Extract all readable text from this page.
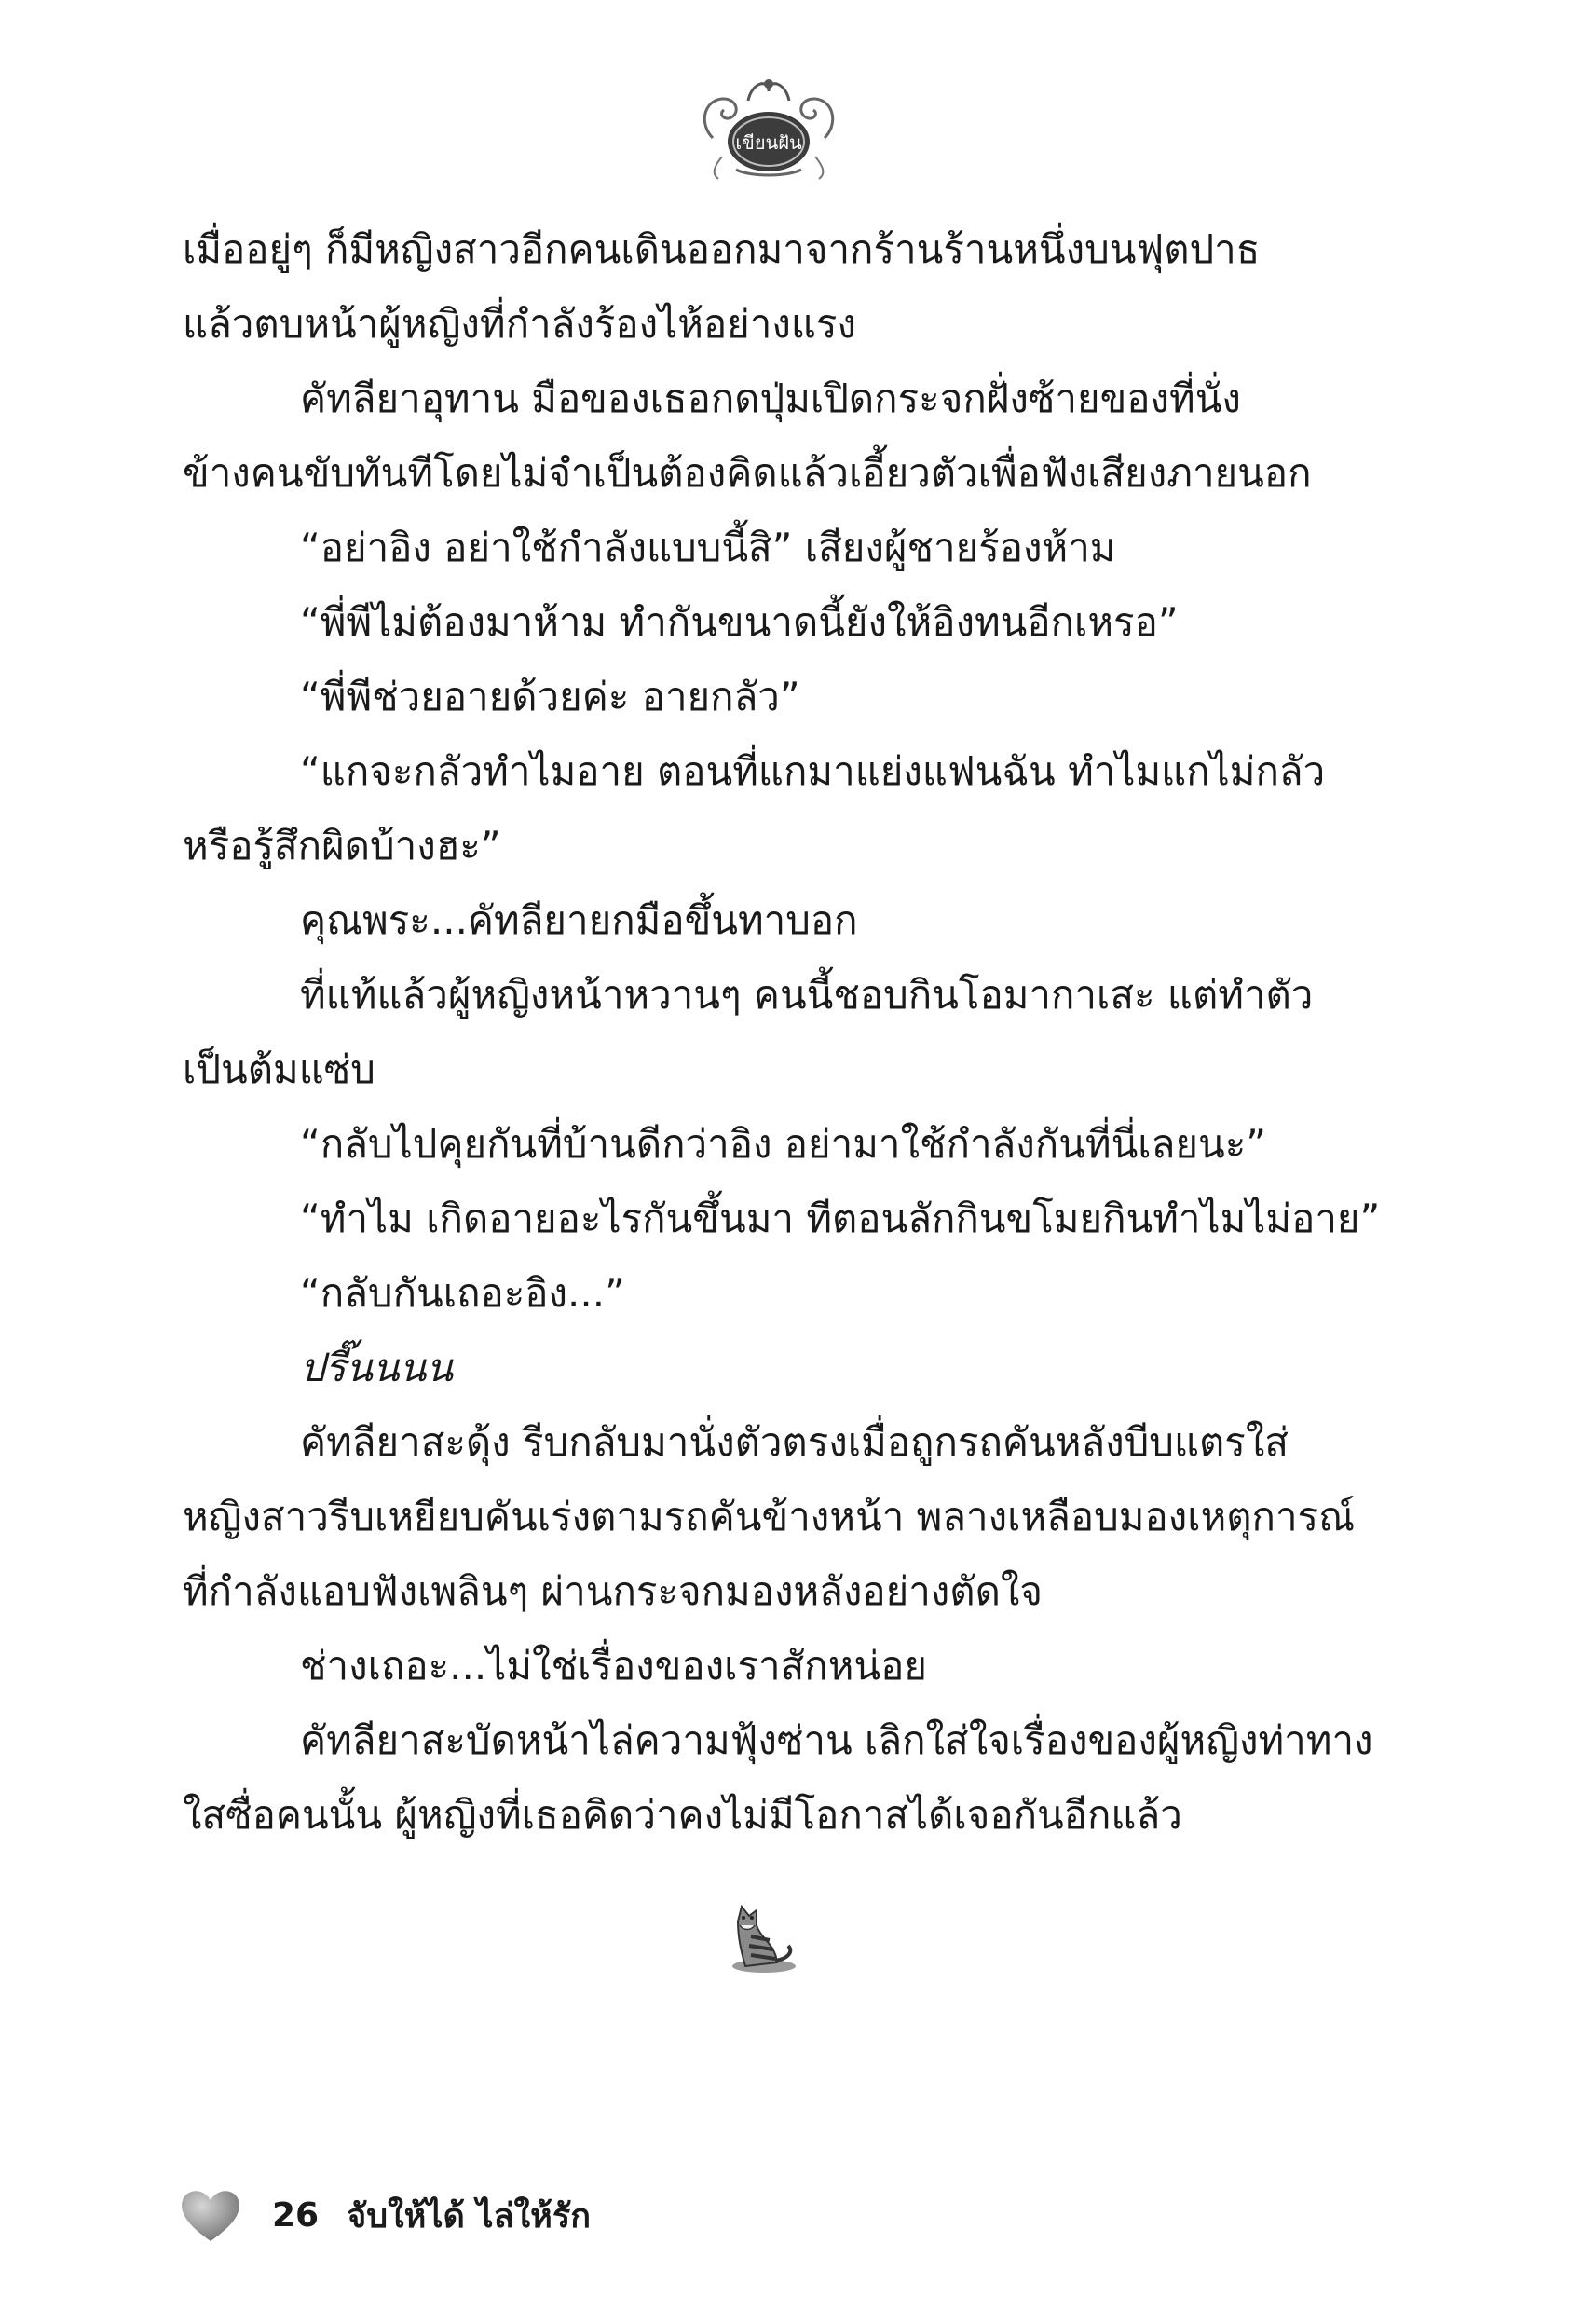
เขียนฝัน
เมื่ออยู่ๆ ก็มีหญิงสาวอีกคนเดินออกมาจากร้านร้านหนึ่งบนฟุตปาธ
แล้วตบหน้าผู้หญิงที่กำลังร้องไห้อย่างแรง
คัทลียาอุทาน มือของเธอกดปุ่มเปิดกระจกฝั่งซ้ายของที่นั่ง
ข้างคนขับทันทีโดยไม่จำเป็นต้องคิดแล้วเอี้ยวตัวเพื่อฟังเสียงภายนอก
“อย่าอิง อย่าใช้กำลังแบบนี้สิ” เสียงผู้ชายร้องห้าม
“พี่พีไม่ต้องมาห้าม ทำกันขนาดนี้ยังให้อิงทนอีกเหรอ”
“พี่พีช่วยอายด้วยค่ะ อายกลัว”
“แกจะกลัวทำไมอาย ตอนที่แกมาแย่งแฟนฉัน ทำไมแกไม่กลัว
หรือรู้สึกผิดบ้างฮะ”
คุณพระ...คัทลียายกมือขึ้นทาบอก
ที่แท้แล้วผู้หญิงหน้าหวานๆ คนนี้ชอบกินโอมากาเสะ แต่ทำตัว
เป็นต้มแซ่บ
“กลับไปคุยกันที่บ้านดีกว่าอิง อย่ามาใช้กำลังกันที่นี่เลยนะ”
“ทำไม เกิดอายอะไรกันขึ้นมา ทีตอนลักกินขโมยกินทำไมไม่อาย”
“กลับกันเถอะอิง...”
ปรี๊นนนน
คัทลียาสะดุ้ง รีบกลับมานั่งตัวตรงเมื่อถูกรถคันหลังบีบแตรใส่
หญิงสาวรีบเหยียบคันเร่งตามรถคันข้างหน้า พลางเหลือบมองเหตุการณ์
ที่กำลังแอบฟังเพลินๆ ผ่านกระจกมองหลังอย่างตัดใจ
ช่างเถอะ...ไม่ใช่เรื่องของเราสักหน่อย
คัทลียาสะบัดหน้าไล่ความฟุ้งซ่าน เลิกใส่ใจเรื่องของผู้หญิงท่าทาง
ใสซื่อคนนั้น ผู้หญิงที่เธอคิดว่าคงไม่มีโอกาสได้เจอกันอีกแล้ว
26 จับให้ได้ ไล่ให้รัก
